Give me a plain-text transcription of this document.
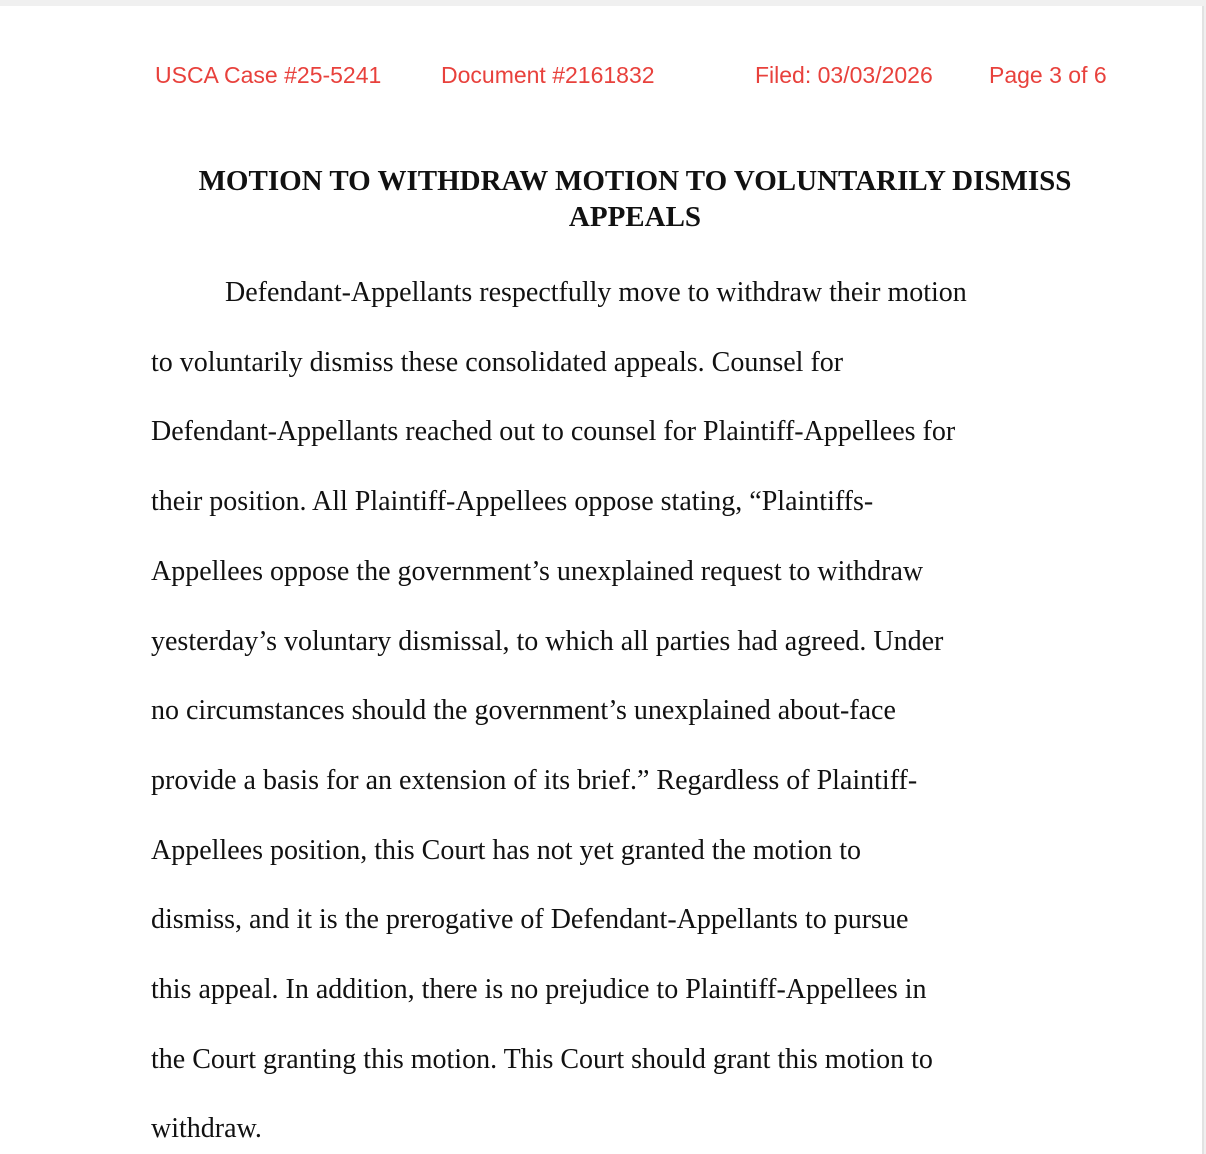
USCA Case #25-5241	Document #2161832	Filed: 03/03/2026 Page 3 of 6
MOTION TO WITHDRAW MOTION TO VOLUNTARILY DISMISS
APPEALS
Defendant-Appellants respectfully move to withdraw their motion
to voluntarily dismiss these consolidated appeals. Counsel for
Defendant-Appellants reached out to counsel for Plaintiff-Appellees for
their position. All Plaintiff-Appellees oppose stating, “Plaintiffs-
Appellees oppose the government’s unexplained request to withdraw
yesterday’s voluntary dismissal, to which all parties had agreed. Under
no circumstances should the government’s unexplained about-face
provide a basis for an extension of its brief.” Regardless of Plaintiff-
Appellees position, this Court has not yet granted the motion to
dismiss, and it is the prerogative of Defendant-Appellants to pursue
this appeal. In addition, there is no prejudice to Plaintiff-Appellees in
the Court granting this motion. This Court should grant this motion to
withdraw.
